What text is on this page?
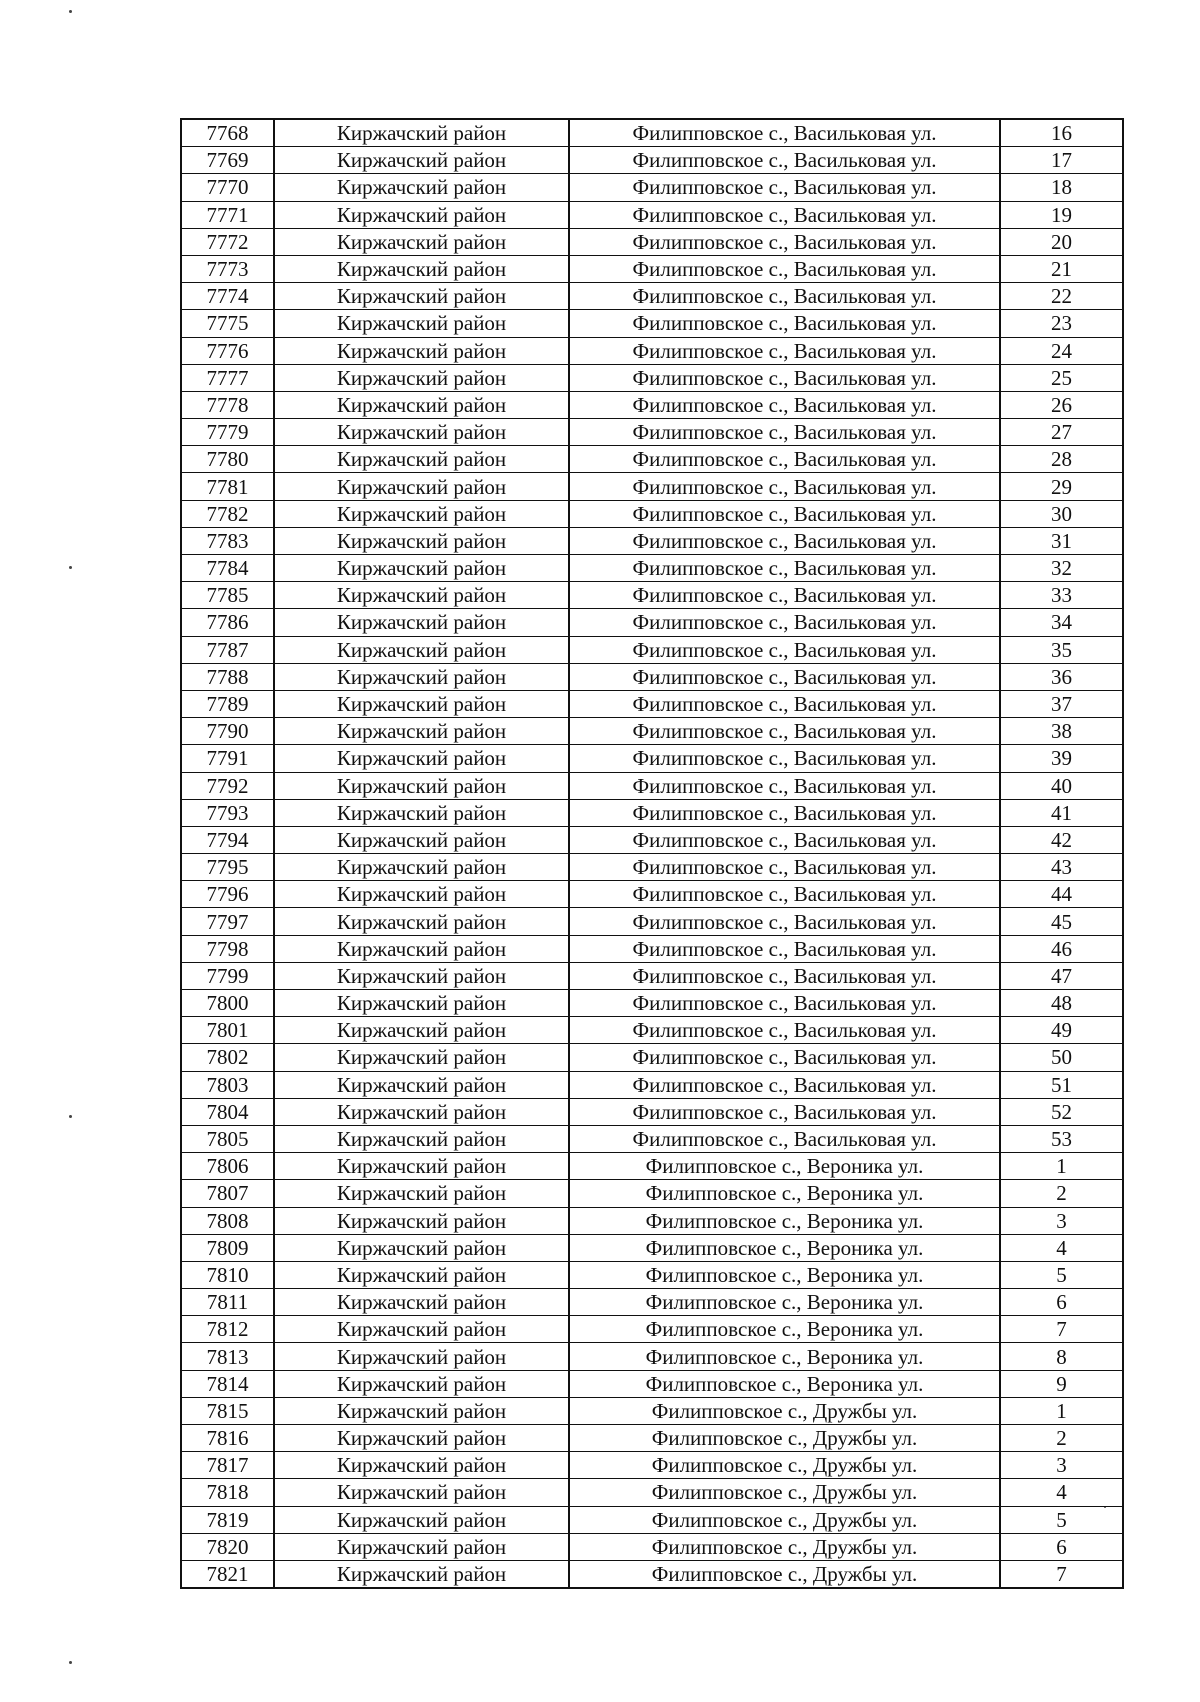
7768	Киржачский район	Филипповское с., Васильковая ул.	16
7769	Киржачский район	Филипповское с., Васильковая ул.	17
7770	Киржачский район	Филипповское с., Васильковая ул.	18
7771	Киржачский район	Филипповское с., Васильковая ул.	19
7772	Киржачский район	Филипповское с., Васильковая ул.	20
7773	Киржачский район	Филипповское с., Васильковая ул.	21
7774	Киржачский район	Филипповское с., Васильковая ул.	22
7775	Киржачский район	Филипповское с., Васильковая ул.	23
7776	Киржачский район	Филипповское с., Васильковая ул.	24
7777	Киржачский район	Филипповское с., Васильковая ул.	25
7778	Киржачский район	Филипповское с., Васильковая ул.	26
7779	Киржачский район	Филипповское с., Васильковая ул.	27
7780	Киржачский район	Филипповское с., Васильковая ул.	28
7781	Киржачский район	Филипповское с., Васильковая ул.	29
7782	Киржачский район	Филипповское с., Васильковая ул.	30
7783	Киржачский район	Филипповское с., Васильковая ул.	31
7784	Киржачский район	Филипповское с., Васильковая ул.	32
7785	Киржачский район	Филипповское с., Васильковая ул.	33
7786	Киржачский район	Филипповское с., Васильковая ул.	34
7787	Киржачский район	Филипповское с., Васильковая ул.	35
7788	Киржачский район	Филипповское с., Васильковая ул.	36
7789	Киржачский район	Филипповское с., Васильковая ул.	37
7790	Киржачский район	Филипповское с., Васильковая ул.	38
7791	Киржачский район	Филипповское с., Васильковая ул.	39
7792	Киржачский район	Филипповское с., Васильковая ул.	40
7793	Киржачский район	Филипповское с., Васильковая ул.	41
7794	Киржачский район	Филипповское с., Васильковая ул.	42
7795	Киржачский район	Филипповское с., Васильковая ул.	43
7796	Киржачский район	Филипповское с., Васильковая ул.	44
7797	Киржачский район	Филипповское с., Васильковая ул.	45
7798	Киржачский район	Филипповское с., Васильковая ул.	46
7799	Киржачский район	Филипповское с., Васильковая ул.	47
7800	Киржачский район	Филипповское с., Васильковая ул.	48
7801	Киржачский район	Филипповское с., Васильковая ул.	49
7802	Киржачский район	Филипповское с., Васильковая ул.	50
7803	Киржачский район	Филипповское с., Васильковая ул.	51
7804	Киржачский район	Филипповское с., Васильковая ул.	52
7805	Киржачский район	Филипповское с., Васильковая ул.	53
7806	Киржачский район	Филипповское с., Вероника ул.	1
7807	Киржачский район	Филипповское с., Вероника ул.	2
7808	Киржачский район	Филипповское с., Вероника ул.	3
7809	Киржачский район	Филипповское с., Вероника ул.	4
7810	Киржачский район	Филипповское с., Вероника ул.	5
7811	Киржачский район	Филипповское с., Вероника ул.	6
7812	Киржачский район	Филипповское с., Вероника ул.	7
7813	Киржачский район	Филипповское с., Вероника ул.	8
7814	Киржачский район	Филипповское с., Вероника ул.	9
7815	Киржачский район	Филипповское с., Дружбы ул.	1
7816	Киржачский район	Филипповское с., Дружбы ул.	2
7817	Киржачский район	Филипповское с., Дружбы ул.	3
7818	Киржачский район	Филипповское с., Дружбы ул.	4
7819	Киржачский район	Филипповское с., Дружбы ул.	5
7820	Киржачский район	Филипповское с., Дружбы ул.	6
7821	Киржачский район	Филипповское с., Дружбы ул.	7
